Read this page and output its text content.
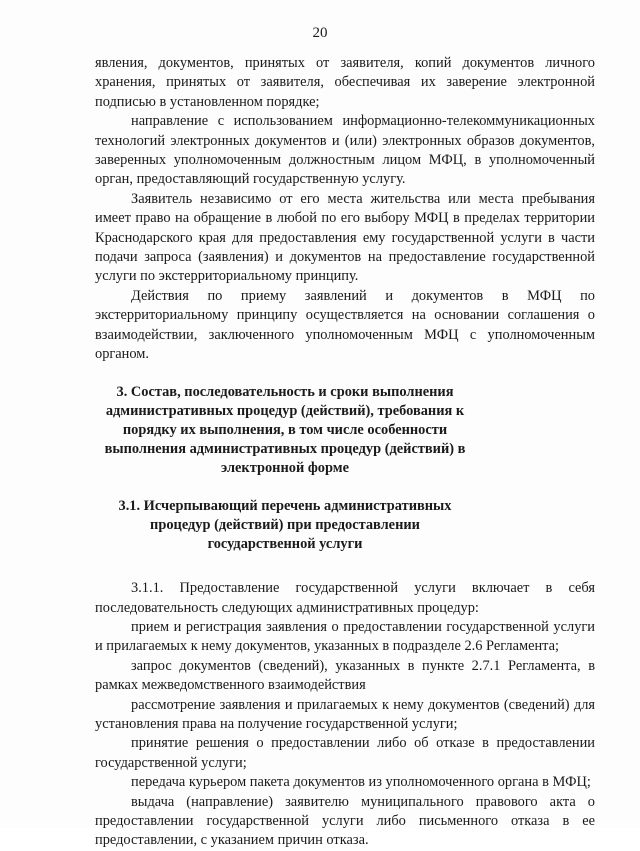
20

явления, документов, принятых от заявителя, копий документов личного хранения, принятых от заявителя, обеспечивая их заверение электронной подписью в установленном порядке;

направление с использованием информационно-телекоммуникационных технологий электронных документов и (или) электронных образов документов, заверенных уполномоченным должностным лицом МФЦ, в уполномоченный орган, предоставляющий государственную услугу.

Заявитель независимо от его места жительства или места пребывания имеет право на обращение в любой по его выбору МФЦ в пределах территории Краснодарского края для предоставления ему государственной услуги в части подачи запроса (заявления) и документов на предоставление государственной услуги по экстерриториальному принципу.

Действия по приему заявлений и документов в МФЦ по экстерриториальному принципу осуществляется на основании соглашения о взаимодействии, заключенного уполномоченным МФЦ с уполномоченным органом.

3. Состав, последовательность и сроки выполнения административных процедур (действий), требования к порядку их выполнения, в том числе особенности выполнения административных процедур (действий) в электронной форме

3.1. Исчерпывающий перечень административных процедур (действий) при предоставлении государственной услуги

3.1.1. Предоставление государственной услуги включает в себя последовательность следующих административных процедур:

прием и регистрация заявления о предоставлении государственной услуги и прилагаемых к нему документов, указанных в подразделе 2.6 Регламента;

запрос документов (сведений), указанных в пункте 2.7.1 Регламента, в рамках межведомственного взаимодействия

рассмотрение заявления и прилагаемых к нему документов (сведений) для установления права на получение государственной услуги;

принятие решения о предоставлении либо об отказе в предоставлении государственной услуги;

передача курьером пакета документов из уполномоченного органа в МФЦ;

выдача (направление) заявителю муниципального правового акта о предоставлении государственной услуги либо письменного отказа в ее предоставлении, с указанием причин отказа.
